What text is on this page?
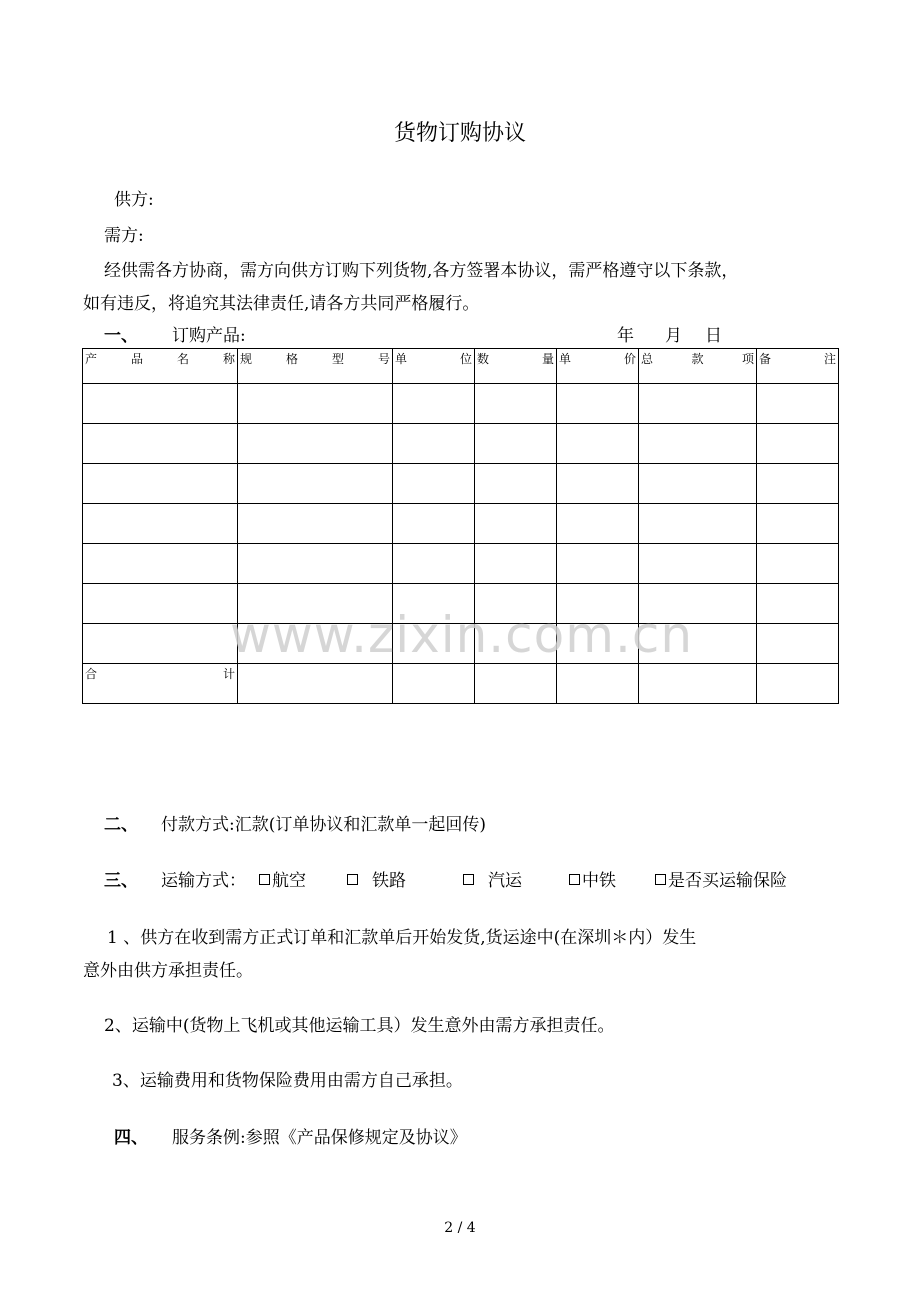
货物订购协议
供方:
需方:
经供需各方协商，需方向供方订购下列货物,各方签署本协议，需严格遵守以下条款，
如有违反，将追究其法律责任,请各方共同严格履行。
一、 订购产品:	年 月 日
产 品 名 称	规 格 型 号	单 位	数 量	单 价	总 款 项	备 注

合 计						

www.zixin.com.cn
二、 付款方式:汇款(订单协议和汇款单一起回传)
三、 运输方式：	航空	铁路	汽运	中铁	是否买运输保险
1 、供方在收到需方正式订单和汇款单后开始发货,货运途中(在深圳＊内）发生
意外由供方承担责任。
2、运输中(货物上飞机或其他运输工具）发生意外由需方承担责任。
3、运输费用和货物保险费用由需方自己承担。
四、 服务条例:参照《产品保修规定及协议》
2 / 4
